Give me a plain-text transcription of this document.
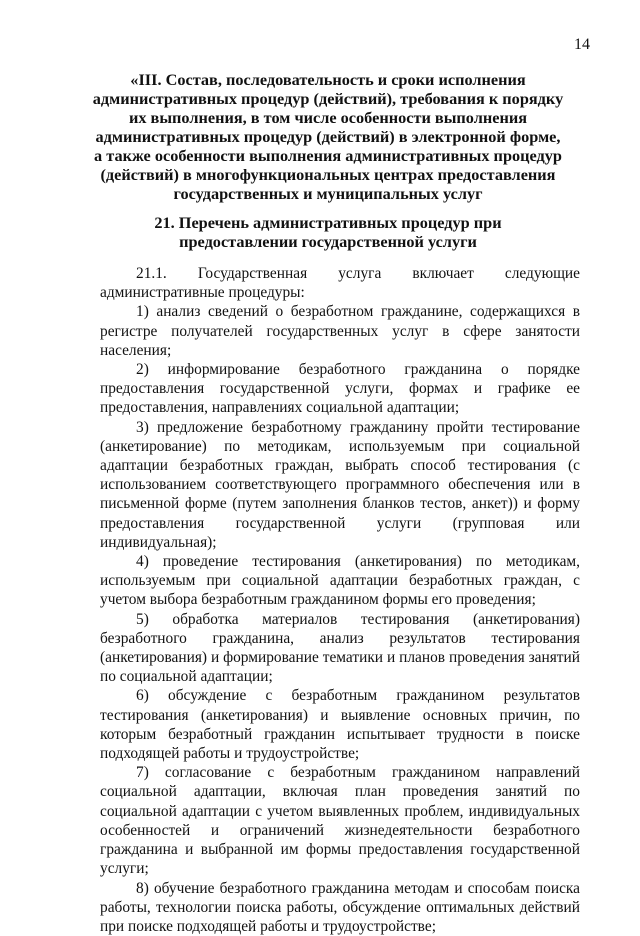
14
«III. Состав, последовательность и сроки исполнения административных процедур (действий), требования к порядку их выполнения, в том числе особенности выполнения административных процедур (действий) в электронной форме, а также особенности выполнения административных процедур (действий) в многофункциональных центрах предоставления государственных и муниципальных услуг
21. Перечень административных процедур при предоставлении государственной услуги

21.1. Государственная услуга включает следующие административные процедуры:

1) анализ сведений о безработном гражданине, содержащихся в регистре получателей государственных услуг в сфере занятости населения;

2) информирование безработного гражданина о порядке предоставления государственной услуги, формах и графике ее предоставления, направлениях социальной адаптации;

3) предложение безработному гражданину пройти тестирование (анкетирование) по методикам, используемым при социальной адаптации безработных граждан, выбрать способ тестирования (с использованием соответствующего программного обеспечения или в письменной форме (путем заполнения бланков тестов, анкет)) и форму предоставления государственной услуги (групповая или индивидуальная);

4) проведение тестирования (анкетирования) по методикам, используемым при социальной адаптации безработных граждан, с учетом выбора безработным гражданином формы его проведения;

5) обработка материалов тестирования (анкетирования) безработного гражданина, анализ результатов тестирования (анкетирования) и формирование тематики и планов проведения занятий по социальной адаптации;

6) обсуждение с безработным гражданином результатов тестирования (анкетирования) и выявление основных причин, по которым безработный гражданин испытывает трудности в поиске подходящей работы и трудоустройстве;

7) согласование с безработным гражданином направлений социальной адаптации, включая план проведения занятий по социальной адаптации с учетом выявленных проблем, индивидуальных особенностей и ограничений жизнедеятельности безработного гражданина и выбранной им формы предоставления государственной услуги;

8) обучение безработного гражданина методам и способам поиска работы, технологии поиска работы, обсуждение оптимальных действий при поиске подходящей работы и трудоустройстве;
